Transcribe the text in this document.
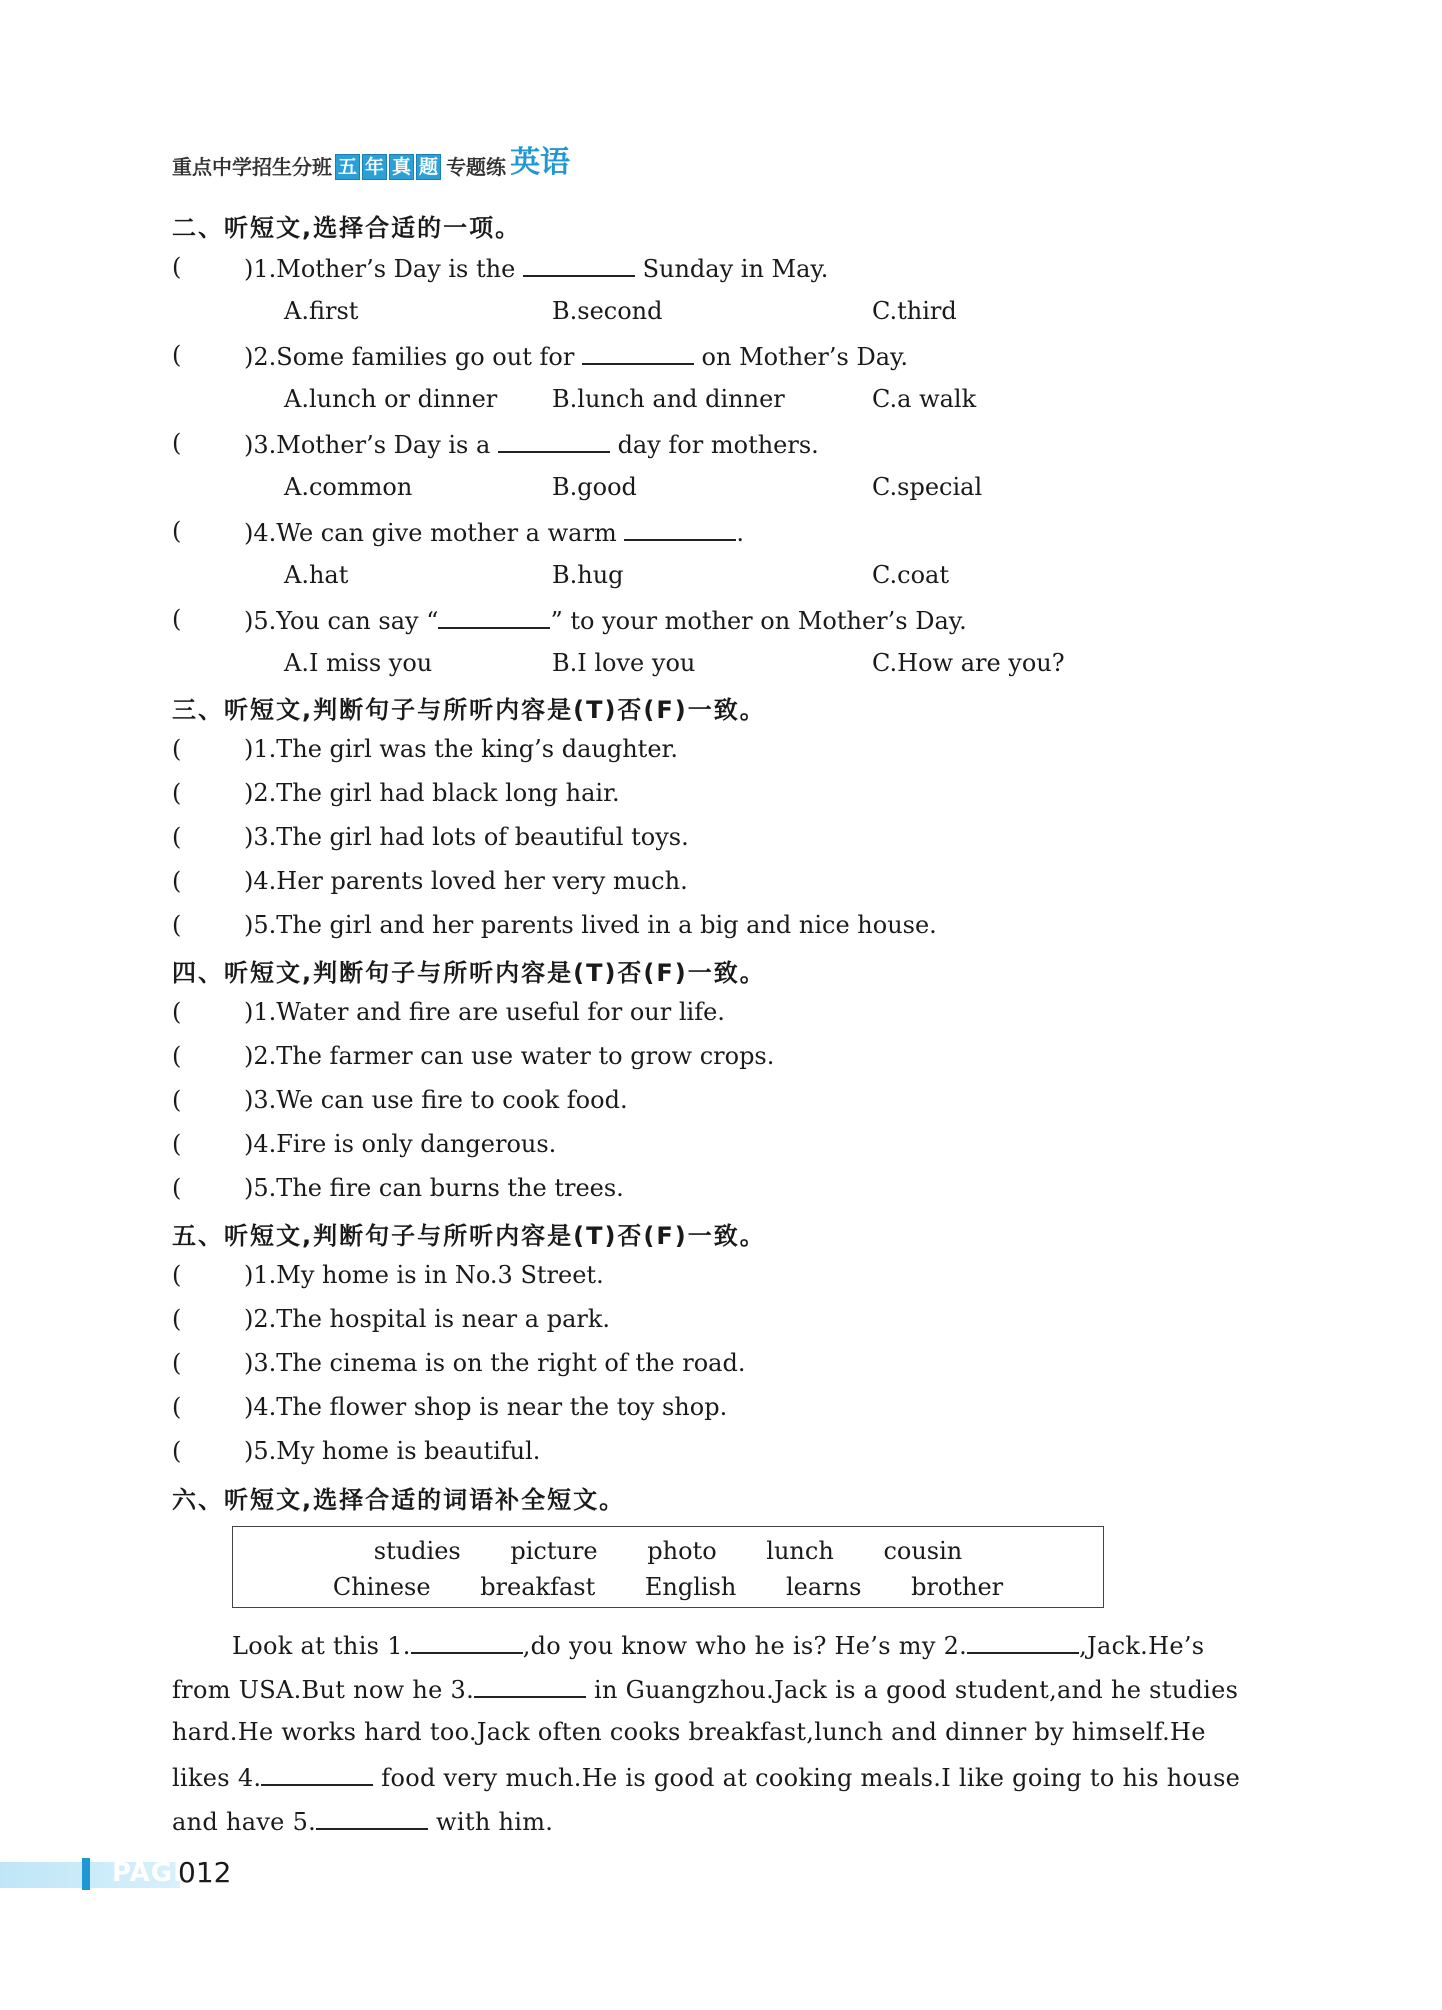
重点中学招生分班 五 年 真 题 专题练 英语
二、听短文,选择合适的一项。
(	)1.Mother’s Day is the	Sunday in May.
A.first	B.second	C.third
(	)2.Some families go out for	on Mother’s Day.
A.lunch or dinner B.lunch and dinner	C.a walk
(	)3.Mother’s Day is a	day for mothers.
A.common	B.good	C.special
(	)4.We can give mother a warm	.
A.hat	B.hug	C.coat
(	)5.You can say “	” to your mother on Mother’s Day.
A.I miss you	B.I love you	C.How are you?
三、听短文,判断句子与所听内容是(T)否(F)一致。
(	)1.The girl was the king’s daughter.
(	)2.The girl had black long hair.
(	)3.The girl had lots of beautiful toys.
(	)4.Her parents loved her very much.
(	)5.The girl and her parents lived in a big and nice house.
四、听短文,判断句子与所听内容是(T)否(F)一致。
(	)1.Water and fire are useful for our life.
(	)2.The farmer can use water to grow crops.
(	)3.We can use fire to cook food.
(	)4.Fire is only dangerous.
(	)5.The fire can burns the trees.
五、听短文,判断句子与所听内容是(T)否(F)一致。
(	)1.My home is in No.3 Street.
(	)2.The hospital is near a park.
(	)3.The cinema is on the right of the road.
(	)4.The flower shop is near the toy shop.
(	)5.My home is beautiful.
六、听短文,选择合适的词语补全短文。
studies picture photo lunch cousin
Chinese breakfast English learns brother
Look at this 1.	,do you know who he is? He’s my 2.	,Jack.He’s
from USA.But now he 3.	in Guangzhou.Jack is a good student,and he studies
hard.He works hard too.Jack often cooks breakfast,lunch and dinner by himself.He
likes 4.	food very much.He is good at cooking meals.I like going to his house
and have 5.	with him.
PAGE
012
